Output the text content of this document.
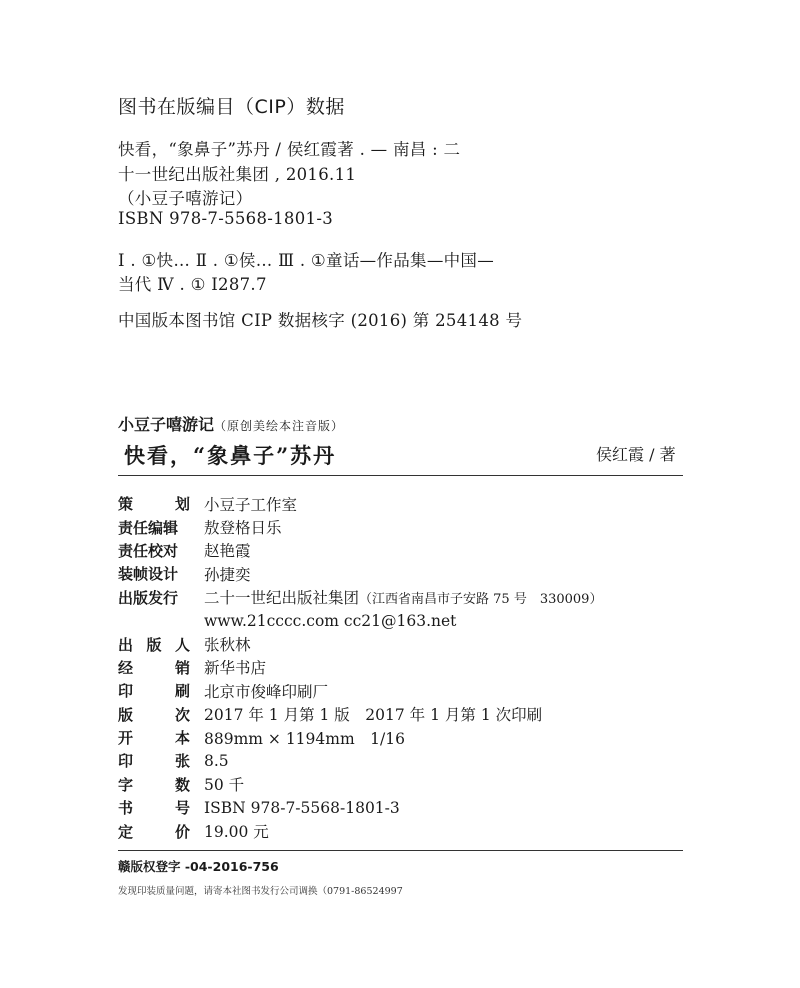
图书在版编目（CIP）数据
快看，“象鼻子”苏丹 / 侯红霞著 . — 南昌 : 二
十一世纪出版社集团 , 2016.11
（小豆子嘻游记）
ISBN 978-7-5568-1801-3
Ⅰ . ①快… Ⅱ . ①侯… Ⅲ . ①童话—作品集—中国—
当代 Ⅳ . ① I287.7
中国版本图书馆 CIP 数据核字 (2016) 第 254148 号
小豆子嘻游记（原创美绘本注音版）
快看，“象鼻子”苏丹	侯红霞 / 著
策 划	小豆子工作室
责任编辑	敖登格日乐
责任校对	赵艳霞
装帧设计	孙捷奕
出版发行	二十一世纪出版社集团（江西省南昌市子安路 75 号　330009）
	www.21cccc.com cc21@163.net

出 版 人	张秋林

经 销	新华书店

印 刷	北京市俊峰印刷厂

版 次	2017 年 1 月第 1 版　2017 年 1 月第 1 次印刷

开 本	889mm × 1194mm　1/16

印 张	8.5

字 数	50 千

书 号	ISBN 978-7-5568-1801-3

定 价	19.00 元
赣版权登字 -04-2016-756
发现印装质量问题，请寄本社图书发行公司调换（0791-86524997
